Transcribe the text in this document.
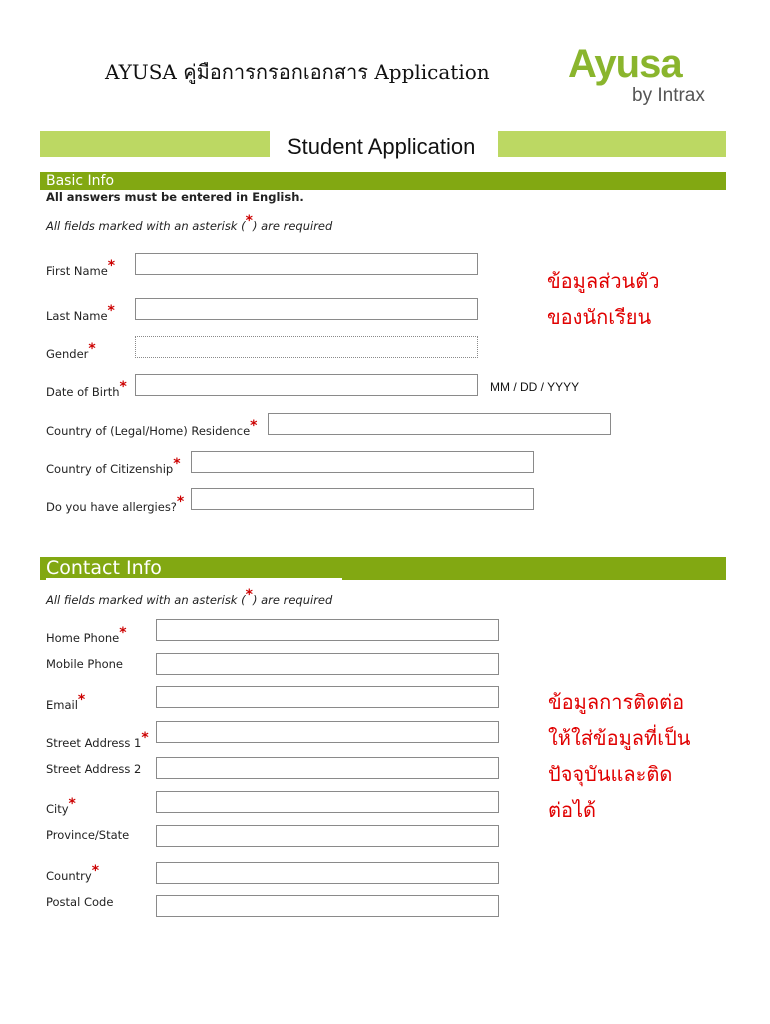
AYUSA คู่มือการกรอกเอกสาร Application Ayusa
by Intrax
Student Application
Basic Info
All answers must be entered in English.
All fields marked with an asterisk (*) are required
First Name*
Last Name*
Gender*
Date of Birth*	MM / DD / YYYY
Country of (Legal/Home) Residence*
Country of Citizenship*
Do you have allergies?*
ข้อมูลส่วนตัว
ของนักเรียน
Contact Info
All fields marked with an asterisk (*) are required
Home Phone*
Mobile Phone
Email*
Street Address 1*
Street Address 2
City*
Province/State
Country*
Postal Code
ข้อมูลการติดต่อ
ให้ใส่ข้อมูลที่เป็น
ปัจจุบันและติด
ต่อได้
